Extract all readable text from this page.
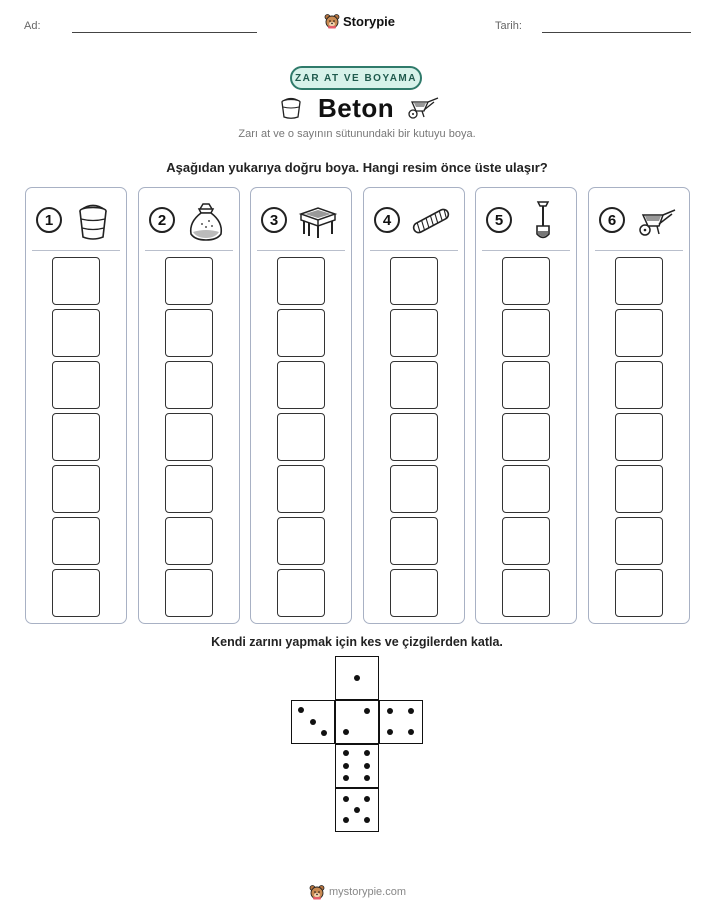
Ad:	Storypie	Tarih:
ZAR AT VE BOYAMA
Beton
Zarı at ve o sayının sütunundaki bir kutuyu boya.
Aşağıdan yukarıya doğru boya. Hangi resim önce üste ulaşır?
1	2	3	4	5	6
Kendi zarını yapmak için kes ve çizgilerden katla.
mystorypie.com
